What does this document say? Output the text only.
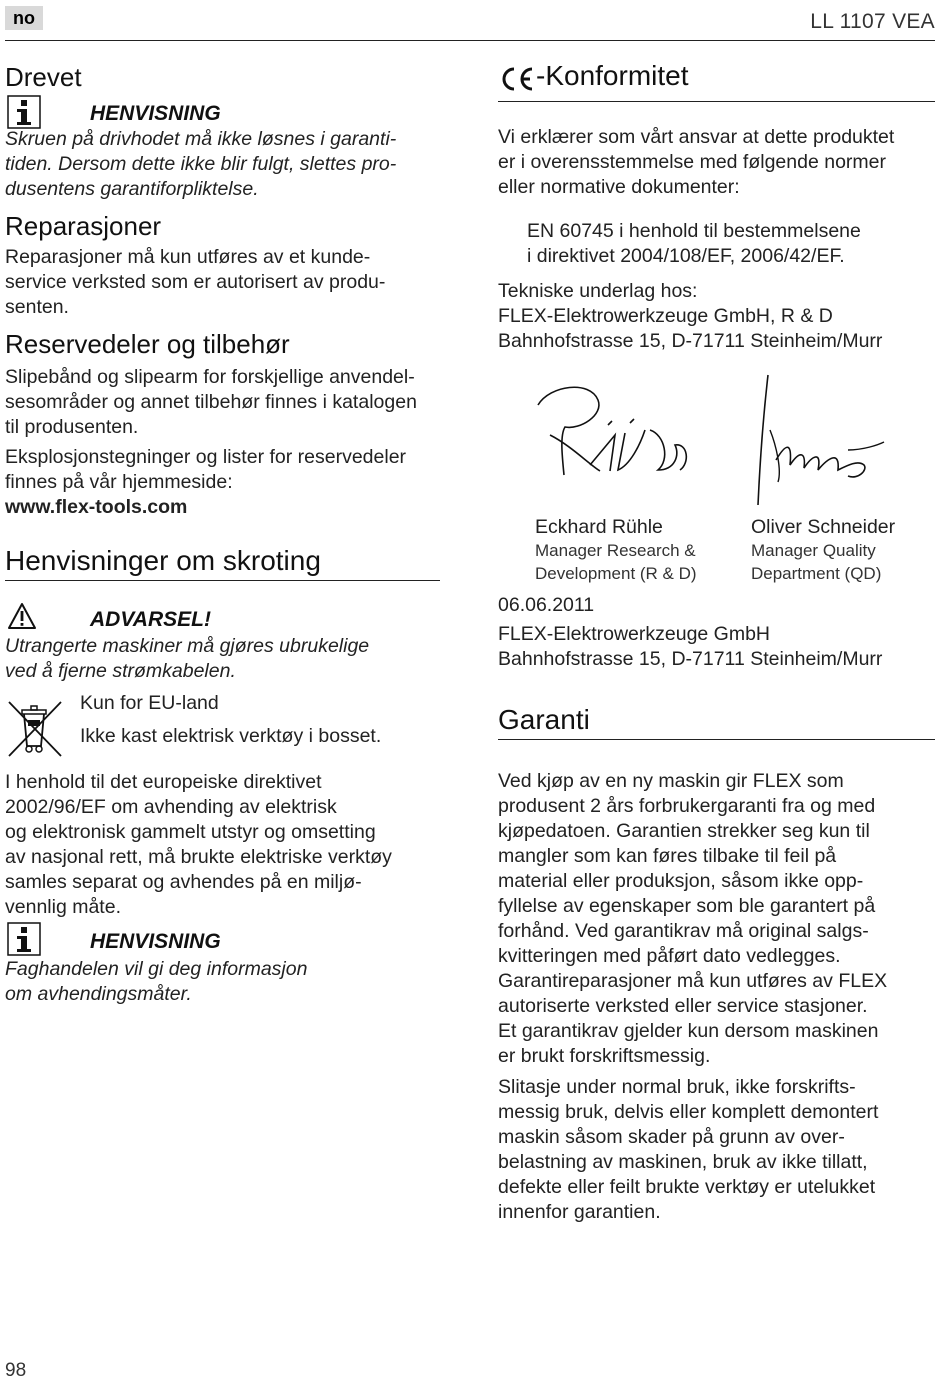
no	LL 1107 VEA
Drevet
HENVISNING
Skruen på drivhodet må ikke løsnes i garanti-
tiden. Dersom dette ikke blir fulgt, slettes pro-
dusentens garantiforpliktelse.
Reparasjoner
Reparasjoner må kun utføres av et kunde-
service verksted som er autorisert av produ-
senten.
Reservedeler og tilbehør
Slipebånd og slipearm for forskjellige anvendel-
sesområder og annet tilbehør finnes i katalogen
til produsenten.
Eksplosjonstegninger og lister for reservedeler
finnes på vår hjemmeside:
www.flex-tools.com
Henvisninger om skroting
ADVARSEL!
Utrangerte maskiner må gjøres ubrukelige
ved å fjerne strømkabelen.
Kun for EU-land
Ikke kast elektrisk verktøy i bosset.
I henhold til det europeiske direktivet
2002/96/EF om avhending av elektrisk
og elektronisk gammelt utstyr og omsetting
av nasjonal rett, må brukte elektriske verktøy
samles separat og avhendes på en miljø-
vennlig måte.
HENVISNING
Faghandelen vil gi deg informasjon
om avhendingsmåter.
-Konformitet
Vi erklærer som vårt ansvar at dette produktet
er i overensstemmelse med følgende normer
eller normative dokumenter:
EN 60745 i henhold til bestemmelsene
i direktivet 2004/108/EF, 2006/42/EF.
Tekniske underlag hos:
FLEX-Elektrowerkzeuge GmbH, R & D
Bahnhofstrasse 15, D-71711 Steinheim/Murr
Eckhard Rühle
Manager Research &
Development (R & D)
Oliver Schneider
Manager Quality
Department (QD)
06.06.2011
FLEX-Elektrowerkzeuge GmbH
Bahnhofstrasse 15, D-71711 Steinheim/Murr
Garanti
Ved kjøp av en ny maskin gir FLEX som
produsent 2 års forbrukergaranti fra og med
kjøpedatoen. Garantien strekker seg kun til
mangler som kan føres tilbake til feil på
material eller produksjon, såsom ikke opp-
fyllelse av egenskaper som ble garantert på
forhånd. Ved garantikrav må original salgs-
kvitteringen med påført dato vedlegges.
Garantireparasjoner må kun utføres av FLEX
autoriserte verksted eller service stasjoner.
Et garantikrav gjelder kun dersom maskinen
er brukt forskriftsmessig.
Slitasje under normal bruk, ikke forskrifts-
messig bruk, delvis eller komplett demontert
maskin såsom skader på grunn av over-
belastning av maskinen, bruk av ikke tillatt,
defekte eller feilt brukte verktøy er utelukket
innenfor garantien.
98
